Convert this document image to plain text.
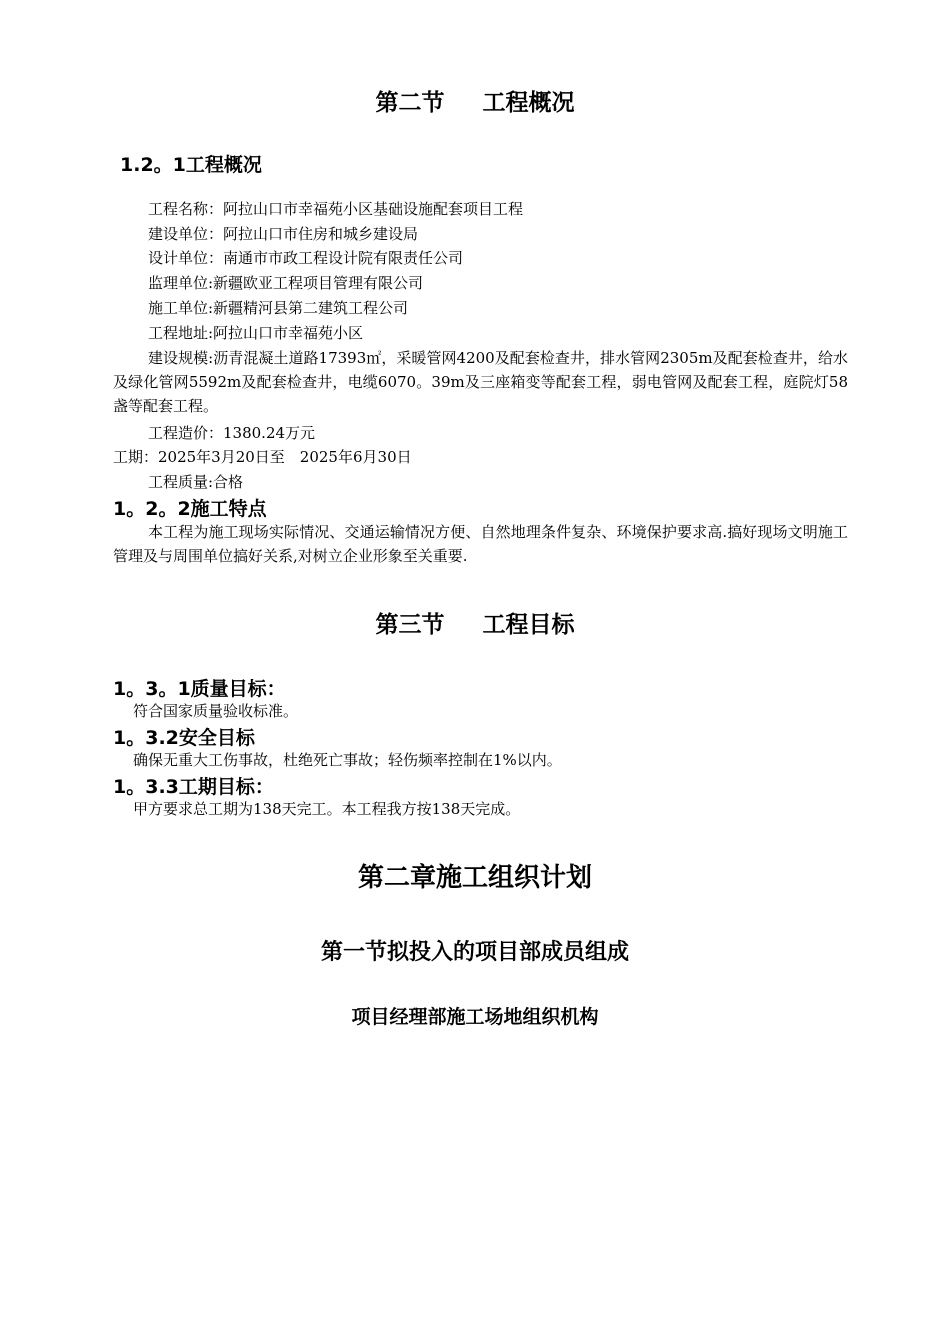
第二节 工程概况
1.2。1工程概况
工程名称：阿拉山口市幸福苑小区基础设施配套项目工程
建设单位：阿拉山口市住房和城乡建设局
设计单位：南通市市政工程设计院有限责任公司
监理单位:新疆欧亚工程项目管理有限公司
施工单位:新疆精河县第二建筑工程公司
工程地址:阿拉山口市幸福苑小区
建设规模:沥青混凝土道路17393㎡，采暖管网4200及配套检查井，排水管网2305m及配套检查井，给水及绿化管网5592m及配套检查井，电缆6070。39m及三座箱变等配套工程，弱电管网及配套工程，庭院灯58盏等配套工程。
工程造价：1380.24万元
工期：2025年3月20日至　2025年6月30日
工程质量:合格
1。2。2施工特点
本工程为施工现场实际情况、交通运输情况方便、自然地理条件复杂、环境保护要求高.搞好现场文明施工管理及与周围单位搞好关系,对树立企业形象至关重要.
第三节 工程目标
1。3。1质量目标：
符合国家质量验收标准。
1。3.2安全目标
确保无重大工伤事故，杜绝死亡事故；轻伤频率控制在1%以内。
1。3.3工期目标：
甲方要求总工期为138天完工。本工程我方按138天完成。
第二章施工组织计划
第一节拟投入的项目部成员组成
项目经理部施工场地组织机构
